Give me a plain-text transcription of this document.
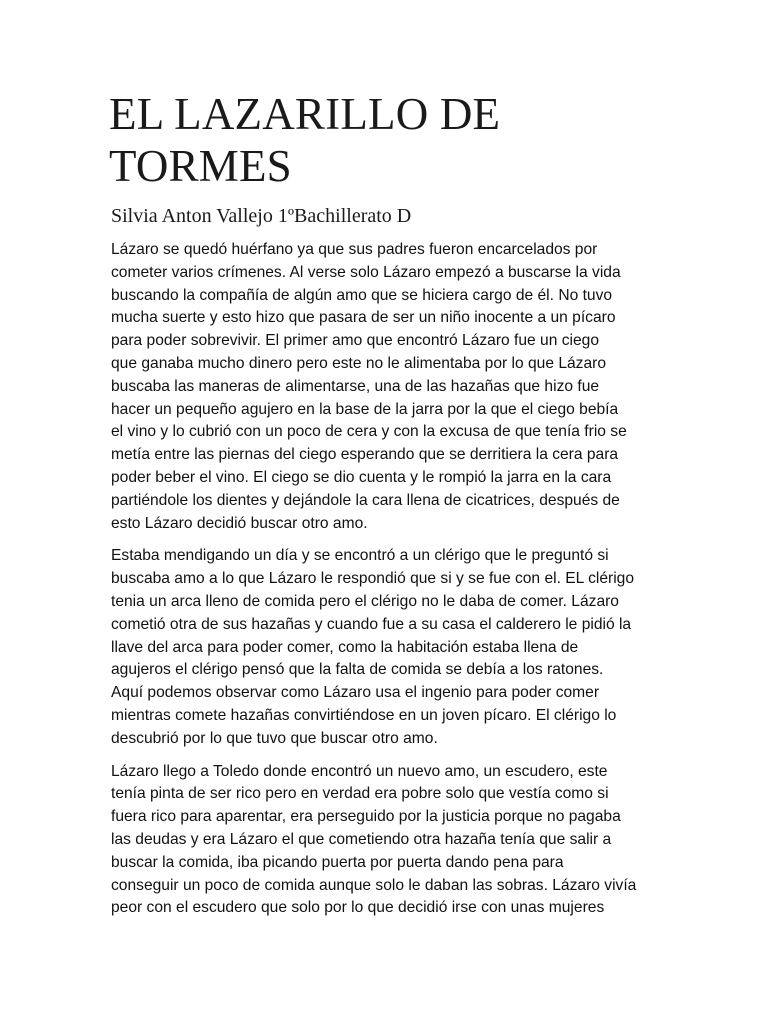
EL LAZARILLO DE
TORMES

Silvia Anton Vallejo 1ºBachillerato D

Lázaro se quedó huérfano ya que sus padres fueron encarcelados por
cometer varios crímenes. Al verse solo Lázaro empezó a buscarse la vida
buscando la compañía de algún amo que se hiciera cargo de él. No tuvo
mucha suerte y esto hizo que pasara de ser un niño inocente a un pícaro
para poder sobrevivir. El primer amo que encontró Lázaro fue un ciego
que ganaba mucho dinero pero este no le alimentaba por lo que Lázaro
buscaba las maneras de alimentarse, una de las hazañas que hizo fue
hacer un pequeño agujero en la base de la jarra por la que el ciego bebía
el vino y lo cubrió con un poco de cera y con la excusa de que tenía frio se
metía entre las piernas del ciego esperando que se derritiera la cera para
poder beber el vino. El ciego se dio cuenta y le rompió la jarra en la cara
partiéndole los dientes y dejándole la cara llena de cicatrices, después de
esto Lázaro decidió buscar otro amo.

Estaba mendigando un día y se encontró a un clérigo que le preguntó si
buscaba amo a lo que Lázaro le respondió que si y se fue con el. EL clérigo
tenia un arca lleno de comida pero el clérigo no le daba de comer. Lázaro
cometió otra de sus hazañas y cuando fue a su casa el calderero le pidió la
llave del arca para poder comer, como la habitación estaba llena de
agujeros el clérigo pensó que la falta de comida se debía a los ratones.
Aquí podemos observar como Lázaro usa el ingenio para poder comer
mientras comete hazañas convirtiéndose en un joven pícaro. El clérigo lo
descubrió por lo que tuvo que buscar otro amo.

Lázaro llego a Toledo donde encontró un nuevo amo, un escudero, este
tenía pinta de ser rico pero en verdad era pobre solo que vestía como si
fuera rico para aparentar, era perseguido por la justicia porque no pagaba
las deudas y era Lázaro el que cometiendo otra hazaña tenía que salir a
buscar la comida, iba picando puerta por puerta dando pena para
conseguir un poco de comida aunque solo le daban las sobras. Lázaro vivía
peor con el escudero que solo por lo que decidió irse con unas mujeres
